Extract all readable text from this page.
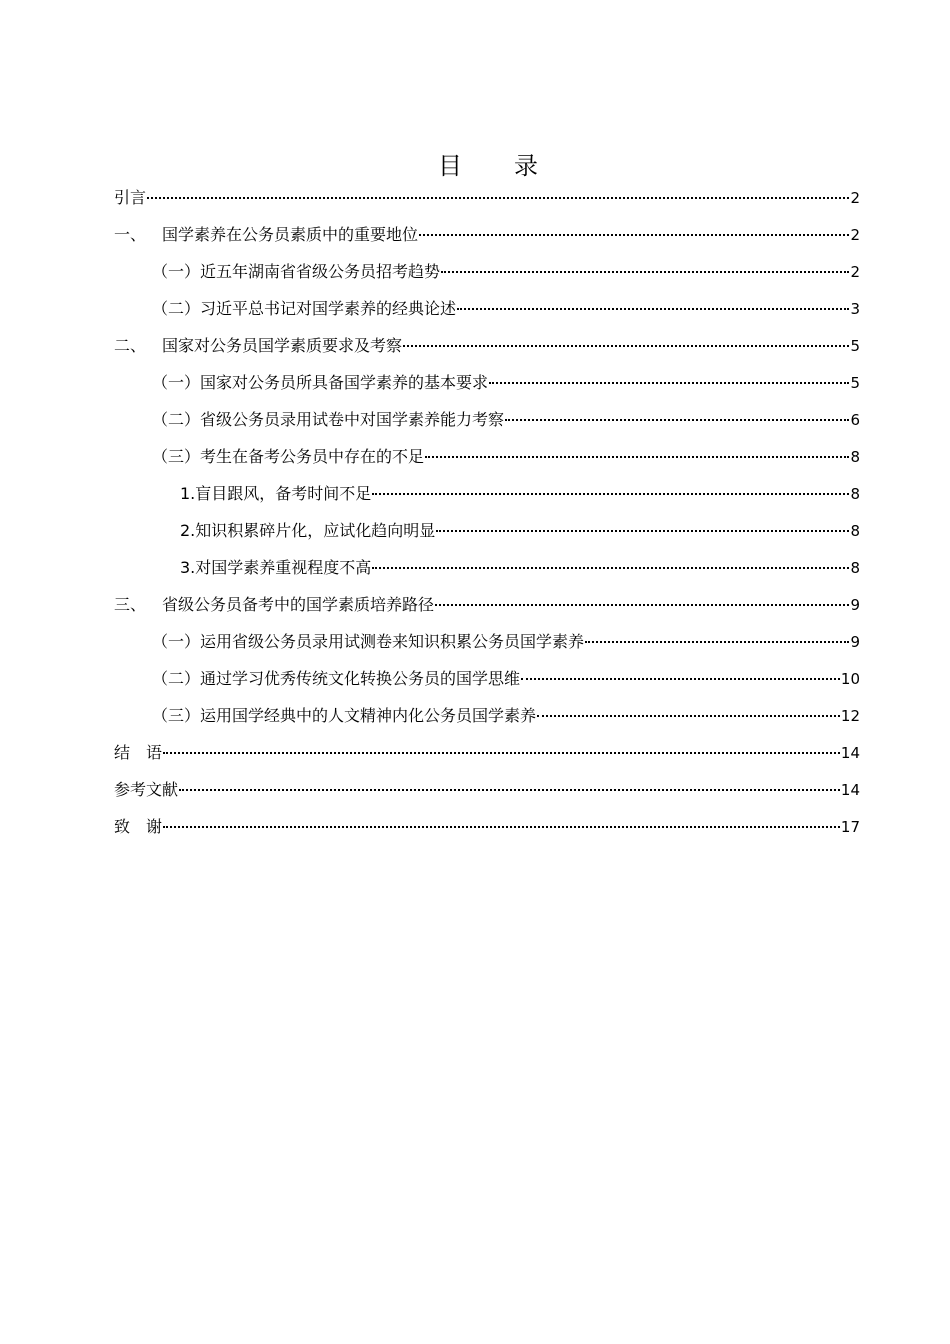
目 录
引言	2
一、 国学素养在公务员素质中的重要地位	2
（一） 近五年湖南省省级公务员招考趋势	2
（二） 习近平总书记对国学素养的经典论述	3
二、 国家对公务员国学素质要求及考察	5
（一） 国家对公务员所具备国学素养的基本要求	5
（二） 省级公务员录用试卷中对国学素养能力考察	6
（三） 考生在备考公务员中存在的不足	8
1. 盲目跟风，备考时间不足	8
2. 知识积累碎片化，应试化趋向明显	8
3. 对国学素养重视程度不高	8
三、 省级公务员备考中的国学素质培养路径	9
（一） 运用省级公务员录用试测卷来知识积累公务员国学素养	9
（二） 通过学习优秀传统文化转换公务员的国学思维	10
（三） 运用国学经典中的人文精神内化公务员国学素养	12
结　语	14
参考文献	14
致　谢	17
